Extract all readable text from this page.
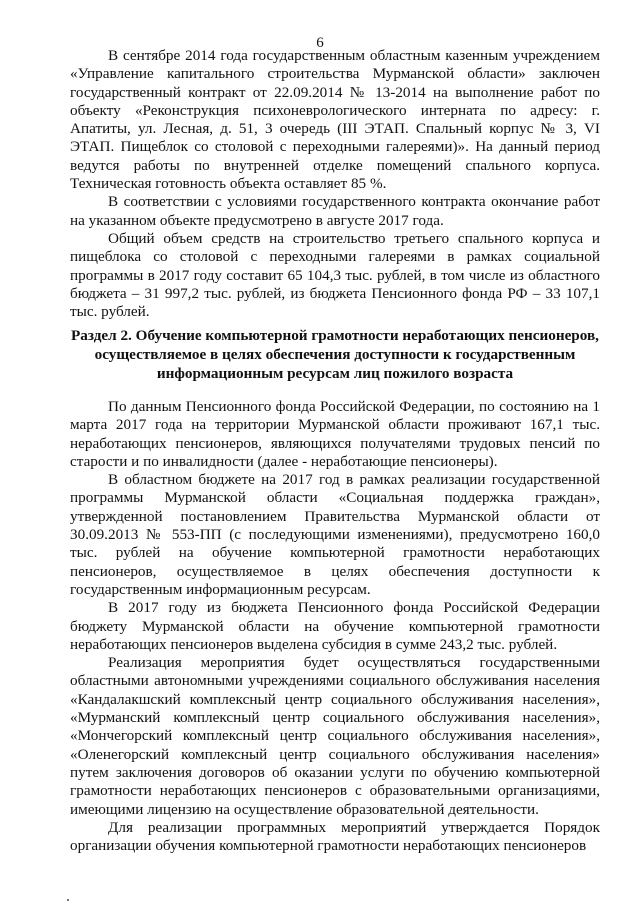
6

В сентябре 2014 года государственным областным казенным учреждением «Управление капитального строительства Мурманской области» заключен государственный контракт от 22.09.2014 № 13-2014 на выполнение работ по объекту «Реконструкция психоневрологического интерната по адресу: г. Апатиты, ул. Лесная, д. 51, 3 очередь (III ЭТАП. Спальный корпус № 3, VI ЭТАП. Пищеблок со столовой с переходными галереями)». На данный период ведутся работы по внутренней отделке помещений спального корпуса. Техническая готовность объекта оставляет 85 %.

В соответствии с условиями государственного контракта окончание работ на указанном объекте предусмотрено в августе 2017 года.

Общий объем средств на строительство третьего спального корпуса и пищеблока со столовой с переходными галереями в рамках социальной программы в 2017 году составит 65 104,3 тыс. рублей, в том числе из областного бюджета – 31 997,2 тыс. рублей, из бюджета Пенсионного фонда РФ – 33 107,1 тыс. рублей.

Раздел 2. Обучение компьютерной грамотности неработающих пенсионеров, осуществляемое в целях обеспечения доступности к государственным информационным ресурсам лиц пожилого возраста

По данным Пенсионного фонда Российской Федерации, по состоянию на 1 марта 2017 года на территории Мурманской области проживают 167,1 тыс. неработающих пенсионеров, являющихся получателями трудовых пенсий по старости и по инвалидности (далее - неработающие пенсионеры).

В областном бюджете на 2017 год в рамках реализации государственной программы Мурманской области «Социальная поддержка граждан», утвержденной постановлением Правительства Мурманской области от 30.09.2013 № 553-ПП (с последующими изменениями), предусмотрено 160,0 тыс. рублей на обучение компьютерной грамотности неработающих пенсионеров, осуществляемое в целях обеспечения доступности к государственным информационным ресурсам.

В 2017 году из бюджета Пенсионного фонда Российской Федерации бюджету Мурманской области на обучение компьютерной грамотности неработающих пенсионеров выделена субсидия в сумме 243,2 тыс. рублей.

Реализация мероприятия будет осуществляться государственными областными автономными учреждениями социального обслуживания населения «Кандалакшский комплексный центр социального обслуживания населения», «Мурманский комплексный центр социального обслуживания населения», «Мончегорский комплексный центр социального обслуживания населения», «Оленегорский комплексный центр социального обслуживания населения» путем заключения договоров об оказании услуги по обучению компьютерной грамотности неработающих пенсионеров с образовательными организациями, имеющими лицензию на осуществление образовательной деятельности.

Для реализации программных мероприятий утверждается Порядок организации обучения компьютерной грамотности неработающих пенсионеров
